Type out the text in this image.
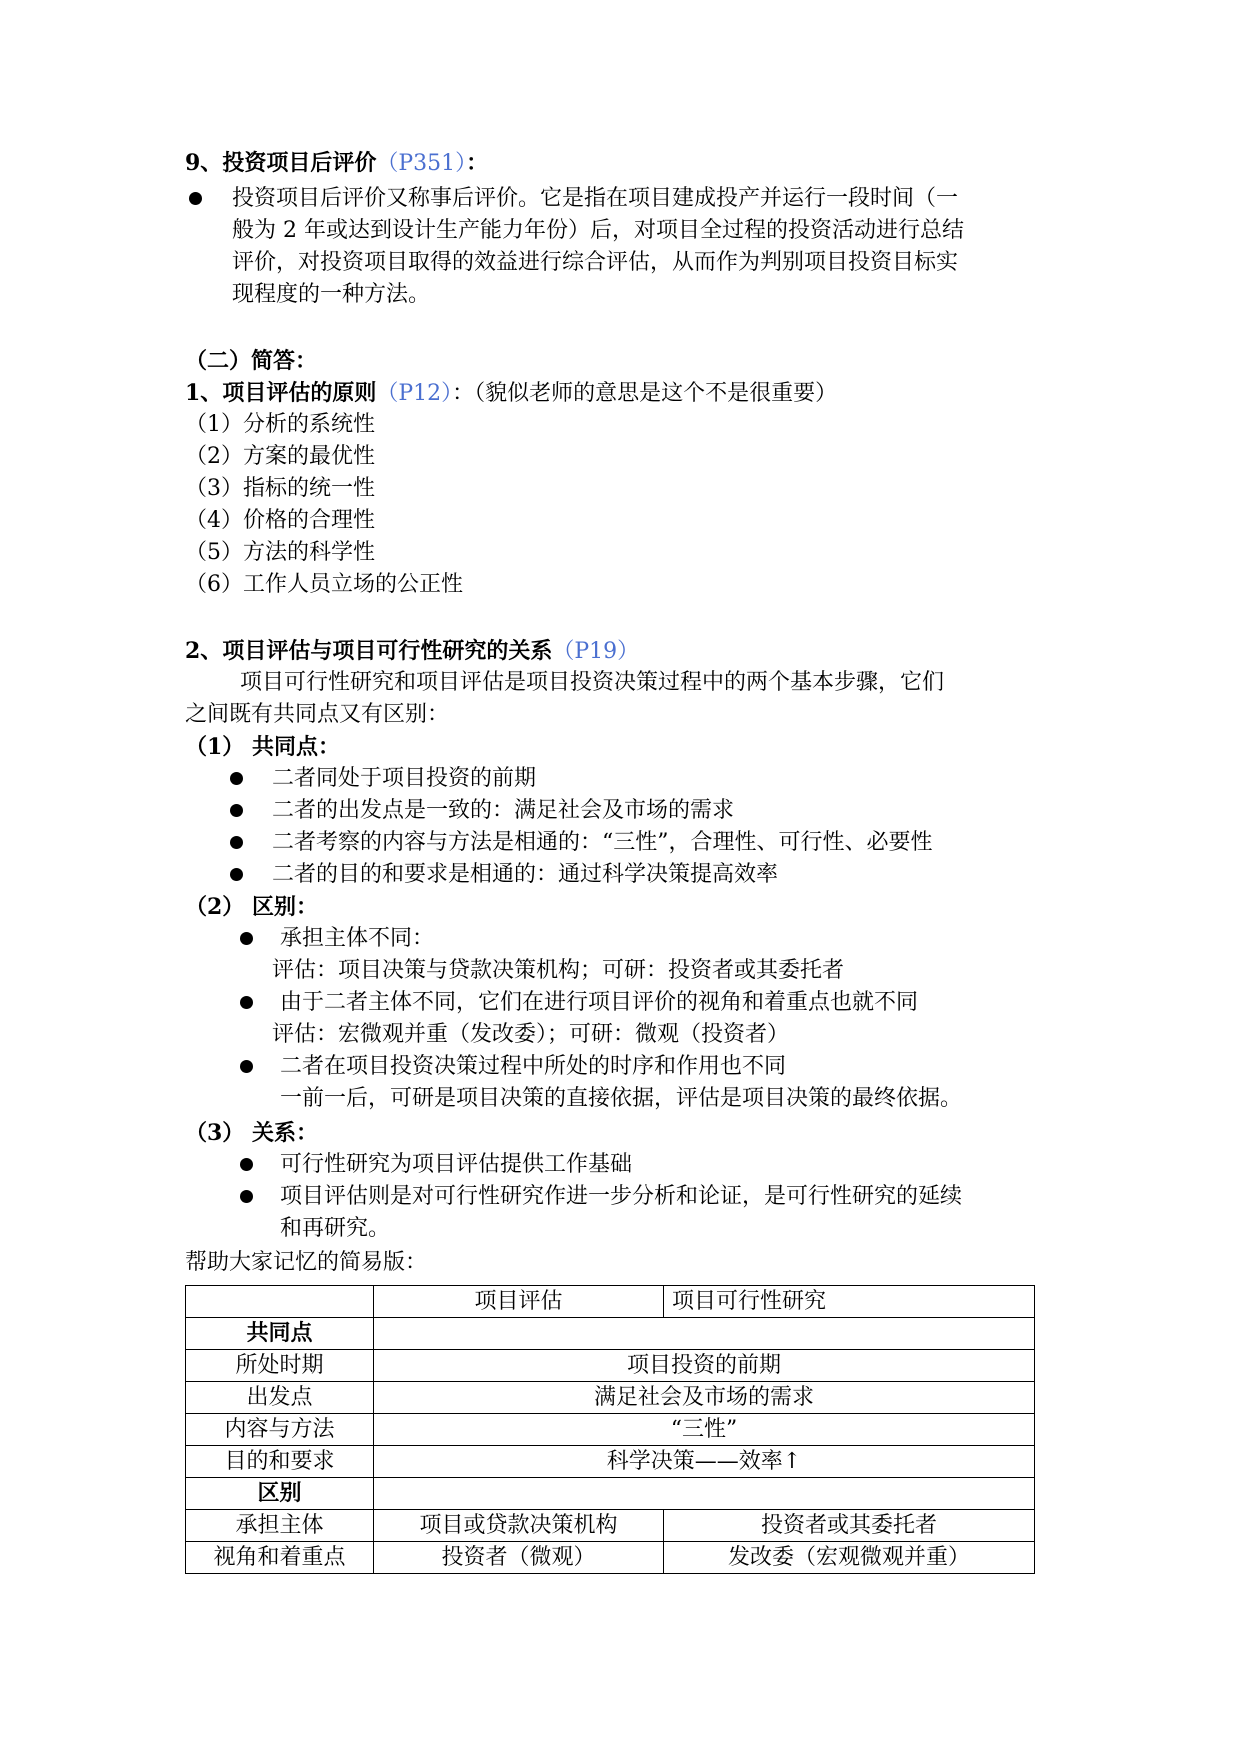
9、投资项目后评价（P351）：
投资项目后评价又称事后评价。它是指在项目建成投产并运行一段时间（一
般为 2 年或达到设计生产能力年份）后，对项目全过程的投资活动进行总结
评价，对投资项目取得的效益进行综合评估，从而作为判别项目投资目标实
现程度的一种方法。
（二）简答：
1、项目评估的原则（P12）：（貌似老师的意思是这个不是很重要）
（1）分析的系统性
（2）方案的最优性
（3）指标的统一性
（4）价格的合理性
（5）方法的科学性
（6）工作人员立场的公正性
2、项目评估与项目可行性研究的关系（P19）
项目可行性研究和项目评估是项目投资决策过程中的两个基本步骤，它们
之间既有共同点又有区别：
（1） 共同点：
二者同处于项目投资的前期
二者的出发点是一致的：满足社会及市场的需求
二者考察的内容与方法是相通的：“三性”，合理性、可行性、必要性
二者的目的和要求是相通的：通过科学决策提高效率
（2） 区别：
承担主体不同：
评估：项目决策与贷款决策机构；可研：投资者或其委托者
由于二者主体不同，它们在进行项目评价的视角和着重点也就不同
评估：宏微观并重（发改委）；可研：微观（投资者）
二者在项目投资决策过程中所处的时序和作用也不同
一前一后，可研是项目决策的直接依据，评估是项目决策的最终依据。
（3） 关系：
可行性研究为项目评估提供工作基础
项目评估则是对可行性研究作进一步分析和论证，是可行性研究的延续
和再研究。
帮助大家记忆的简易版：
	项目评估	项目可行性研究
共同点		
所处时期	项目投资的前期	
出发点	满足社会及市场的需求	
内容与方法	“三性”	
目的和要求	科学决策——效率↑	
区别		
承担主体	项目或贷款决策机构	投资者或其委托者
视角和着重点	投资者（微观）	发改委（宏观微观并重）
